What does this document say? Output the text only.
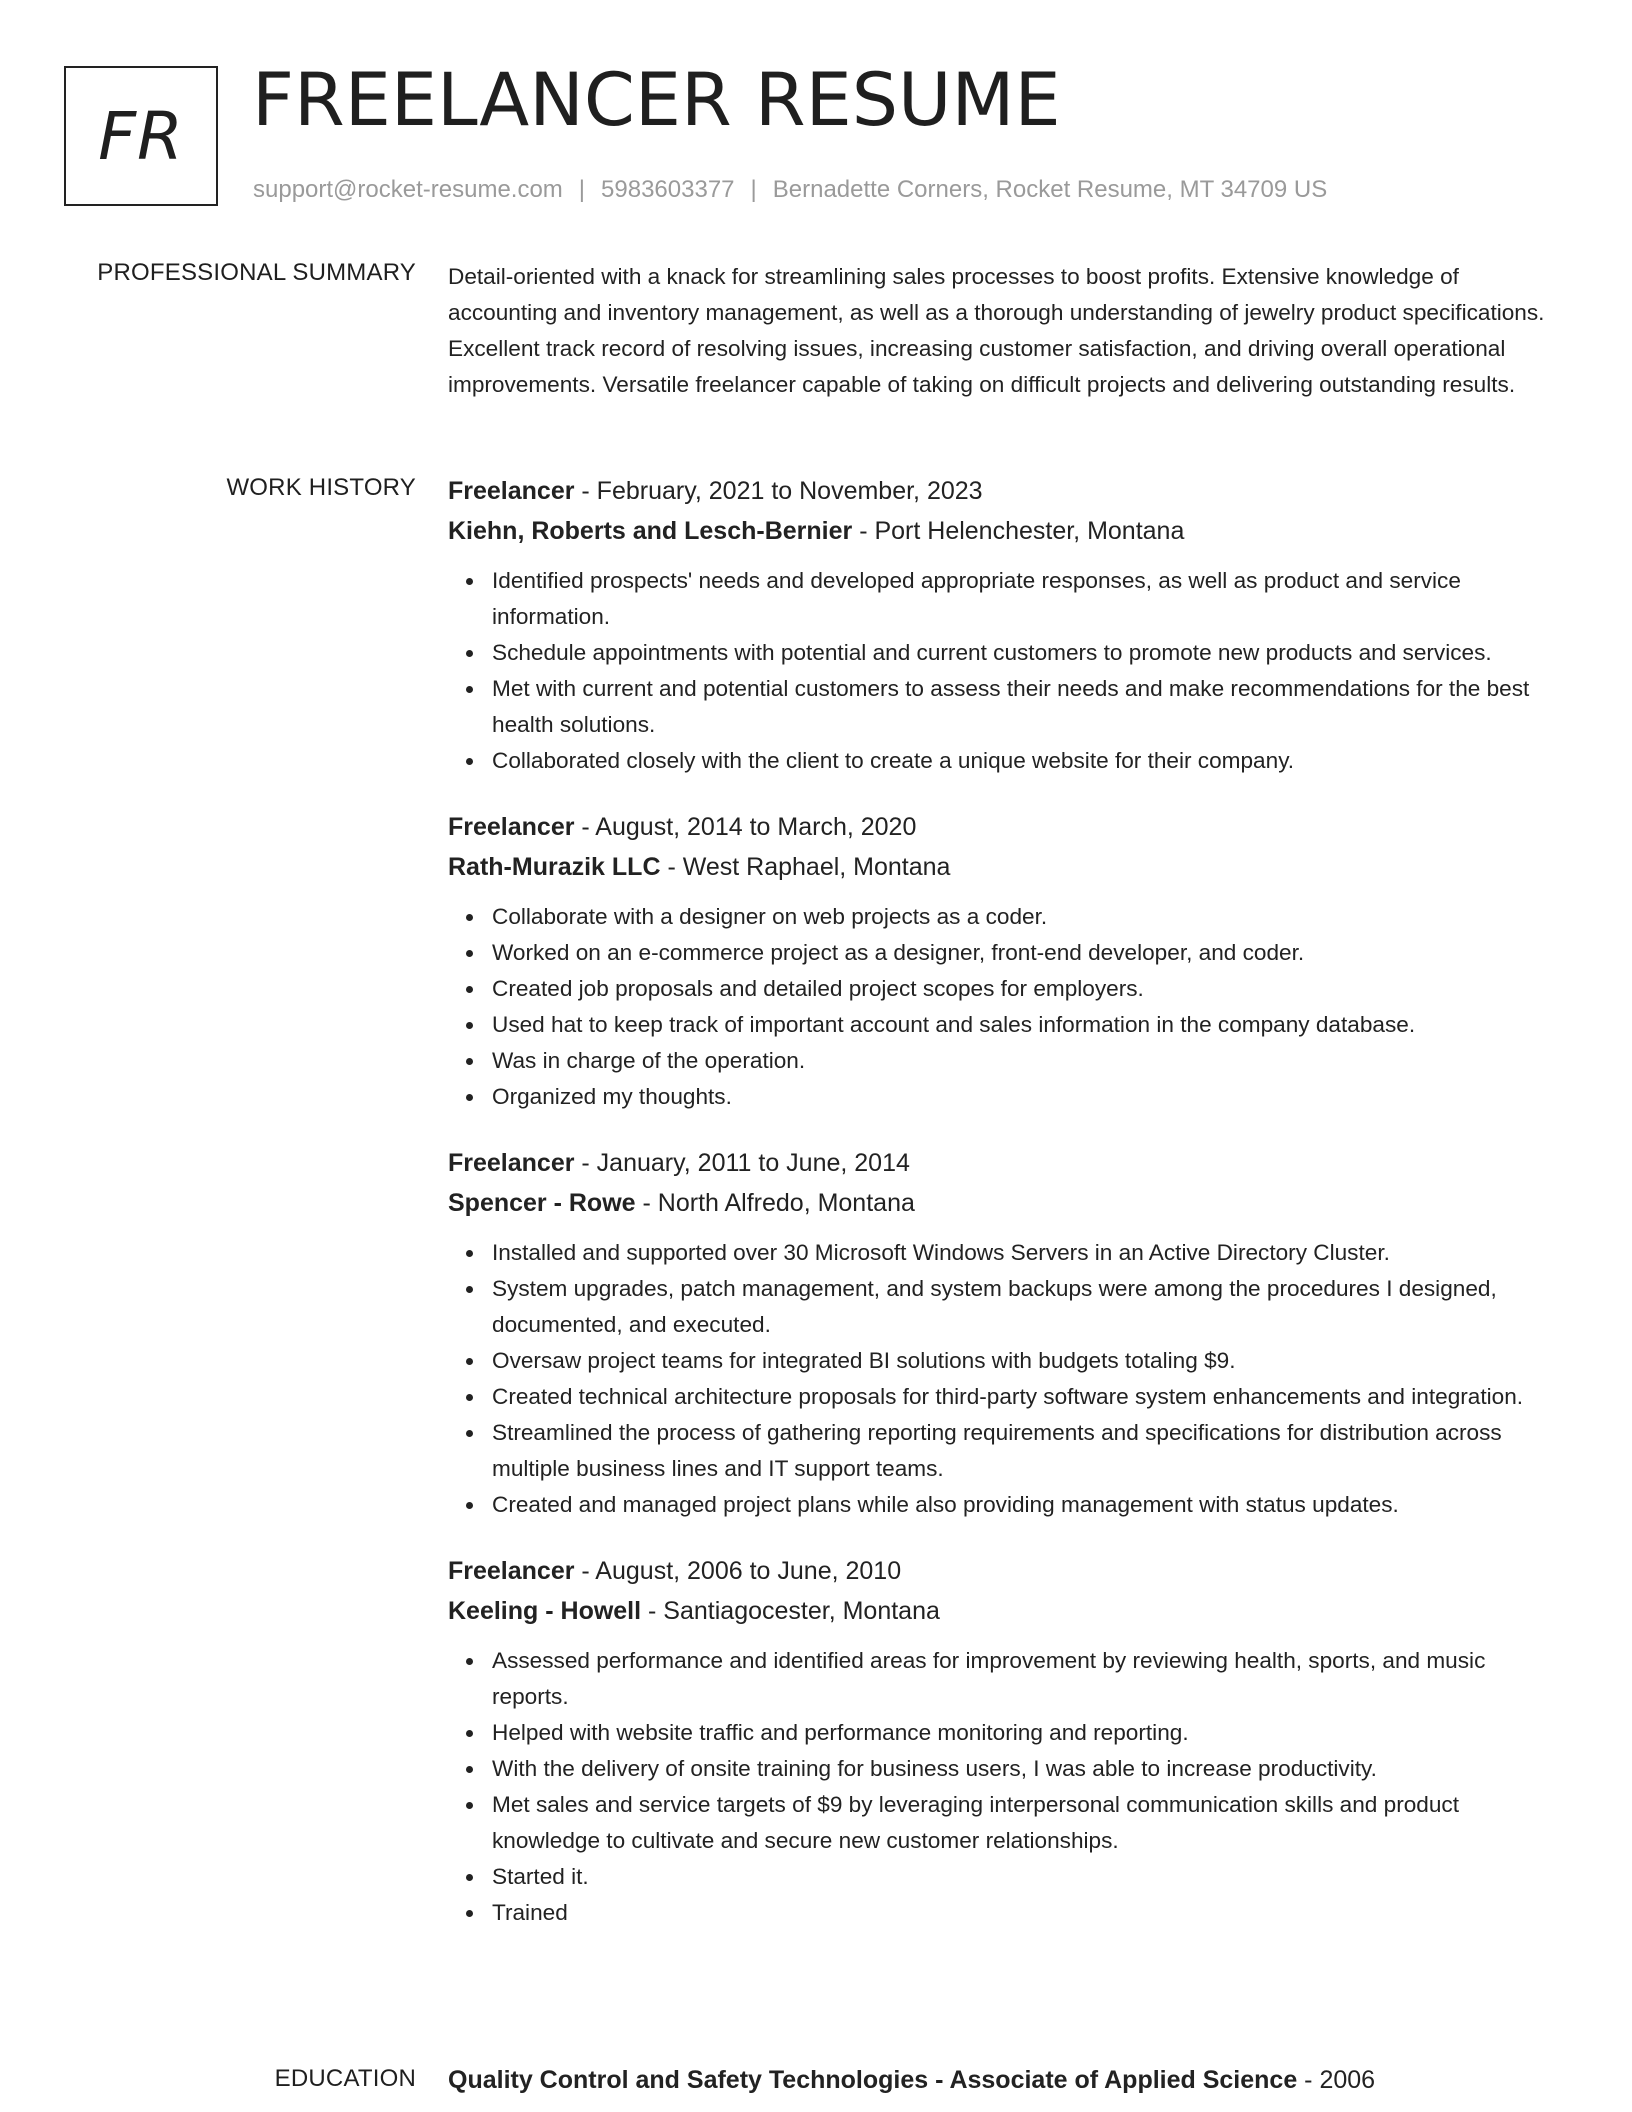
FR FREELANCER RESUME
support@rocket-resume.com | 5983603377 | Bernadette Corners, Rocket Resume, MT 34709 US
PROFESSIONAL SUMMARY Detail-oriented with a knack for streamlining sales processes to boost profits. Extensive knowledge of accounting and inventory management, as well as a thorough understanding of jewelry product specifications. Excellent track record of resolving issues, increasing customer satisfaction, and driving overall operational improvements. Versatile freelancer capable of taking on difficult projects and delivering outstanding results.

WORK HISTORY Freelancer - February, 2021 to November, 2023
Kiehn, Roberts and Lesch-Bernier - Port Helenchester, Montana
Identified prospects' needs and developed appropriate responses, as well as product and service information.
Schedule appointments with potential and current customers to promote new products and services.
Met with current and potential customers to assess their needs and make recommendations for the best health solutions.
Collaborated closely with the client to create a unique website for their company.
Freelancer - August, 2014 to March, 2020
Rath-Murazik LLC - West Raphael, Montana
Collaborate with a designer on web projects as a coder.
Worked on an e-commerce project as a designer, front-end developer, and coder.
Created job proposals and detailed project scopes for employers.
Used hat to keep track of important account and sales information in the company database.
Was in charge of the operation.
Organized my thoughts.
Freelancer - January, 2011 to June, 2014
Spencer - Rowe - North Alfredo, Montana
Installed and supported over 30 Microsoft Windows Servers in an Active Directory Cluster.
System upgrades, patch management, and system backups were among the procedures I designed, documented, and executed.
Oversaw project teams for integrated BI solutions with budgets totaling $9.
Created technical architecture proposals for third-party software system enhancements and integration.
Streamlined the process of gathering reporting requirements and specifications for distribution across multiple business lines and IT support teams.
Created and managed project plans while also providing management with status updates.
Freelancer - August, 2006 to June, 2010
Keeling - Howell - Santiagocester, Montana
Assessed performance and identified areas for improvement by reviewing health, sports, and music reports.
Helped with website traffic and performance monitoring and reporting.
With the delivery of onsite training for business users, I was able to increase productivity.
Met sales and service targets of $9 by leveraging interpersonal communication skills and product knowledge to cultivate and secure new customer relationships.
Started it.
Trained
EDUCATION Quality Control and Safety Technologies - Associate of Applied Science - 2006
